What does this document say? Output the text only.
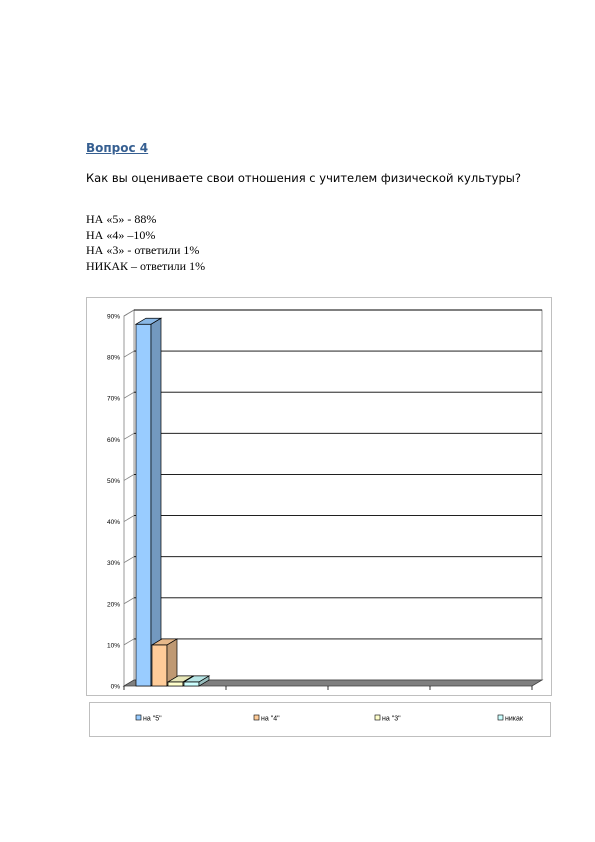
Вопрос 4
Как вы оцениваете свои отношения с учителем физической культуры?
НА «5» - 88%
НА «4» –10%
НА «3» - ответили 1%
НИКАК – ответили 1%
0%
10%
20%
30%
40%
50%
60%
70%
80%
90%
на "5"	на "4"	на "3"	никак
